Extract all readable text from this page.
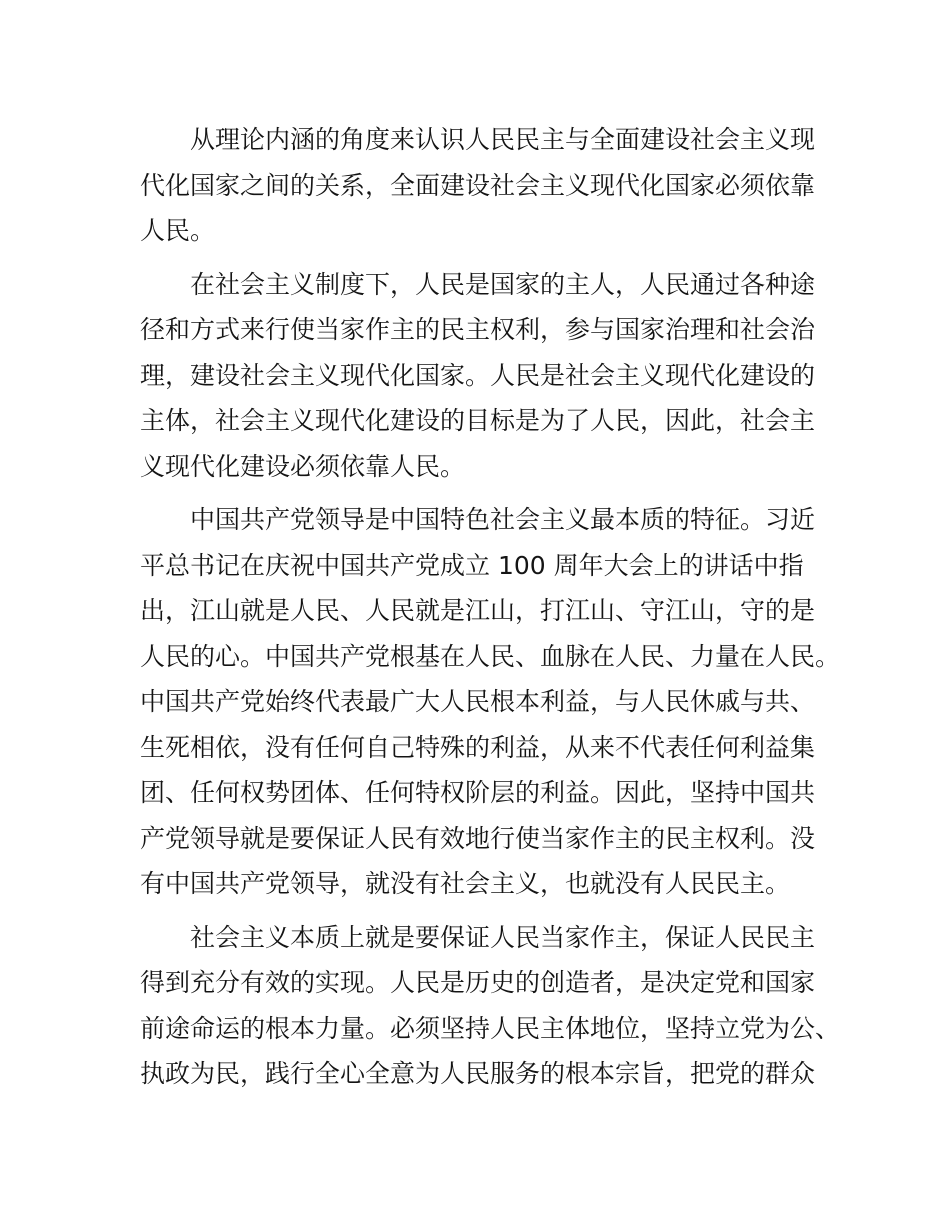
从理论内涵的角度来认识人民民主与全面建设社会主义现
代化国家之间的关系，全面建设社会主义现代化国家必须依靠
人民。
在社会主义制度下，人民是国家的主人，人民通过各种途
径和方式来行使当家作主的民主权利，参与国家治理和社会治
理，建设社会主义现代化国家。人民是社会主义现代化建设的
主体，社会主义现代化建设的目标是为了人民，因此，社会主
义现代化建设必须依靠人民。
中国共产党领导是中国特色社会主义最本质的特征。习近
平总书记在庆祝中国共产党成立 100 周年大会上的讲话中指
出，江山就是人民、人民就是江山，打江山、守江山，守的是
人民的心。中国共产党根基在人民、血脉在人民、力量在人民。
中国共产党始终代表最广大人民根本利益，与人民休戚与共、
生死相依，没有任何自己特殊的利益，从来不代表任何利益集
团、任何权势团体、任何特权阶层的利益。因此，坚持中国共
产党领导就是要保证人民有效地行使当家作主的民主权利。没
有中国共产党领导，就没有社会主义，也就没有人民民主。
社会主义本质上就是要保证人民当家作主，保证人民民主
得到充分有效的实现。人民是历史的创造者，是决定党和国家
前途命运的根本力量。必须坚持人民主体地位，坚持立党为公、
执政为民，践行全心全意为人民服务的根本宗旨，把党的群众
